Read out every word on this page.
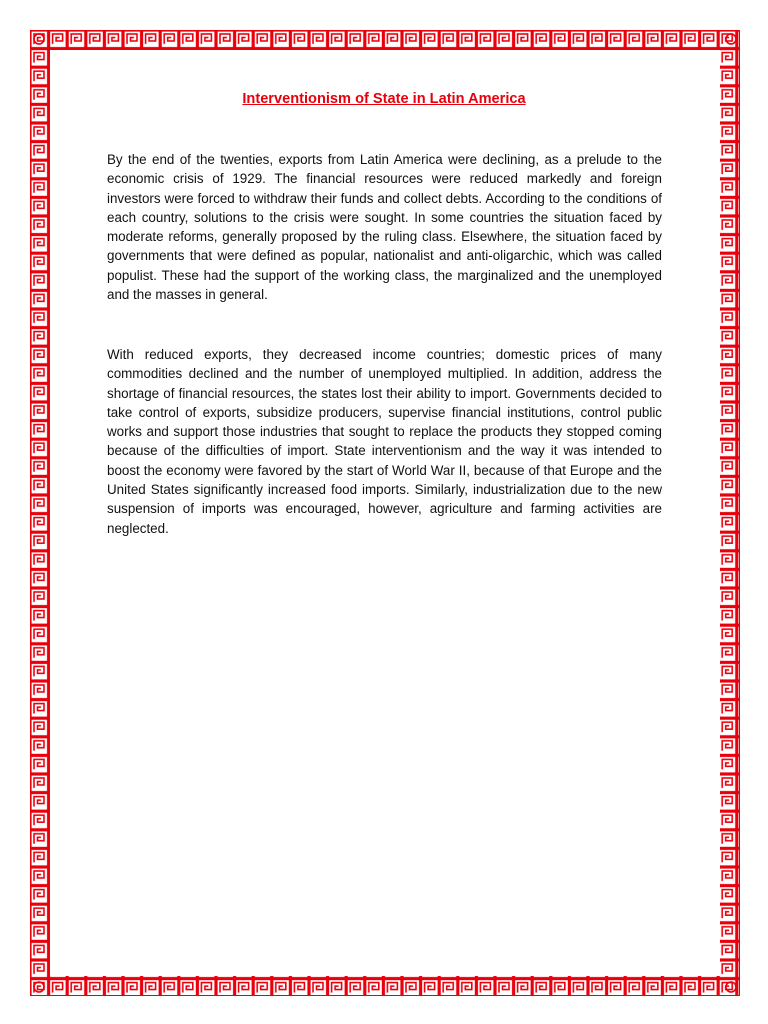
Interventionism of State in Latin America

By the end of the twenties, exports from Latin America were declining, as a prelude to the economic crisis of 1929. The financial resources were reduced markedly and foreign investors were forced to withdraw their funds and collect debts. According to the conditions of each country, solutions to the crisis were sought. In some countries the situation faced by moderate reforms, generally proposed by the ruling class. Elsewhere, the situation faced by governments that were defined as popular, nationalist and anti-oligarchic, which was called populist. These had the support of the working class, the marginalized and the unemployed and the masses in general.

With reduced exports, they decreased income countries; domestic prices of many commodities declined and the number of unemployed multiplied. In addition, address the shortage of financial resources, the states lost their ability to import. Governments decided to take control of exports, subsidize producers, supervise financial institutions, control public works and support those industries that sought to replace the products they stopped coming because of the difficulties of import. State interventionism and the way it was intended to boost the economy were favored by the start of World War II, because of that Europe and the United States significantly increased food imports. Similarly, industrialization due to the new suspension of imports was encouraged, however, agriculture and farming activities are neglected.
